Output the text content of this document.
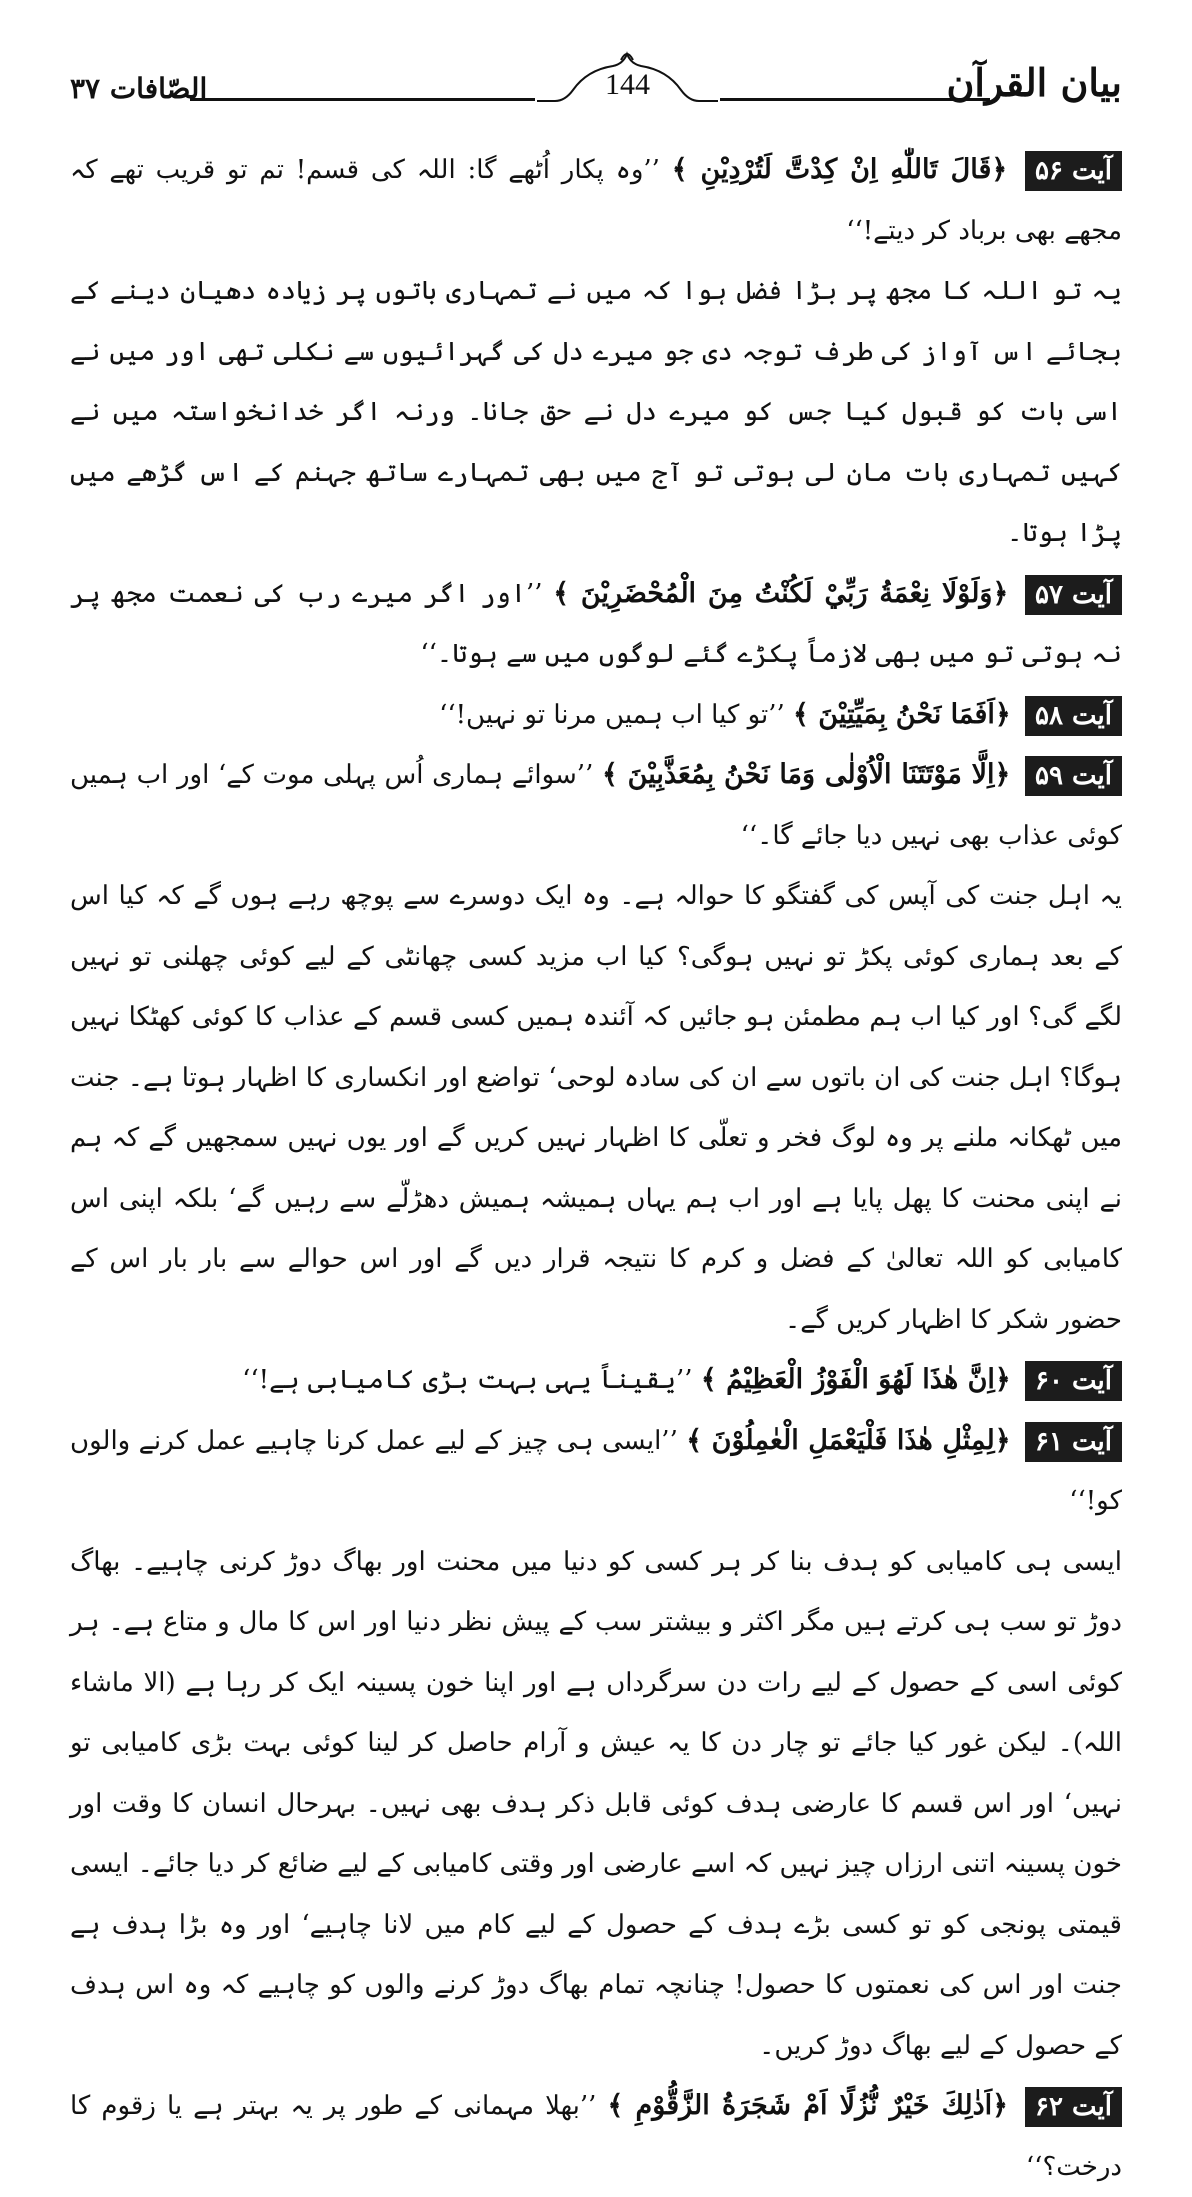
بیان القرآن
الصّافات ۳۷	144

آیت ۵۶ ﴿قَالَ تَاللّٰهِ اِنْ كِدْتَّ لَتُرْدِيْنِ ﴾ ’’وہ پکار اُٹھے گا: اللہ کی قسم! تم تو قریب تھے کہ مجھے بھی برباد کر دیتے!‘‘

یہ تو اللہ کا مجھ پر بڑا فضل ہوا کہ میں نے تمہاری باتوں پر زیادہ دھیان دینے کے بجائے اس آواز کی طرف توجہ دی جو میرے دل کی گہرائیوں سے نکلی تھی اور میں نے اسی بات کو قبول کیا جس کو میرے دل نے حق جانا۔ ورنہ اگر خدانخواستہ میں نے کہیں تمہاری بات مان لی ہوتی تو آج میں بھی تمہارے ساتھ جہنم کے اس گڑھے میں پڑا ہوتا۔

آیت ۵۷ ﴿وَلَوْلَا نِعْمَةُ رَبِّيْ لَكُنْتُ مِنَ الْمُحْضَرِيْنَ ﴾ ’’اور اگر میرے رب کی نعمت مجھ پر نہ ہوتی تو میں بھی لازماً پکڑے گئے لوگوں میں سے ہوتا۔‘‘

آیت ۵۸ ﴿اَفَمَا نَحْنُ بِمَيِّتِيْنَ ﴾ ’’تو کیا اب ہمیں مرنا تو نہیں!‘‘

آیت ۵۹ ﴿اِلَّا مَوْتَتَنَا الْاُوْلٰى وَمَا نَحْنُ بِمُعَذَّبِيْنَ ﴾ ’’سوائے ہماری اُس پہلی موت کے‘ اور اب ہمیں کوئی عذاب بھی نہیں دیا جائے گا۔‘‘

یہ اہل جنت کی آپس کی گفتگو کا حوالہ ہے۔ وہ ایک دوسرے سے پوچھ رہے ہوں گے کہ کیا اس کے بعد ہماری کوئی پکڑ تو نہیں ہوگی؟ کیا اب مزید کسی چھانٹی کے لیے کوئی چھلنی تو نہیں لگے گی؟ اور کیا اب ہم مطمئن ہو جائیں کہ آئندہ ہمیں کسی قسم کے عذاب کا کوئی کھٹکا نہیں ہوگا؟ اہل جنت کی ان باتوں سے ان کی سادہ لوحی‘ تواضع اور انکساری کا اظہار ہوتا ہے۔ جنت میں ٹھکانہ ملنے پر وہ لوگ فخر و تعلّی کا اظہار نہیں کریں گے اور یوں نہیں سمجھیں گے کہ ہم نے اپنی محنت کا پھل پایا ہے اور اب ہم یہاں ہمیشہ ہمیش دھڑلّے سے رہیں گے‘ بلکہ اپنی اس کامیابی کو اللہ تعالیٰ کے فضل و کرم کا نتیجہ قرار دیں گے اور اس حوالے سے بار بار اس کے حضور شکر کا اظہار کریں گے۔

آیت ۶۰ ﴿اِنَّ هٰذَا لَهُوَ الْفَوْزُ الْعَظِيْمُ ﴾ ’’یقیناً یہی بہت بڑی کامیابی ہے!‘‘

آیت ۶۱ ﴿لِمِثْلِ هٰذَا فَلْيَعْمَلِ الْعٰمِلُوْنَ ﴾ ’’ایسی ہی چیز کے لیے عمل کرنا چاہیے عمل کرنے والوں کو!‘‘

ایسی ہی کامیابی کو ہدف بنا کر ہر کسی کو دنیا میں محنت اور بھاگ دوڑ کرنی چاہیے۔ بھاگ دوڑ تو سب ہی کرتے ہیں مگر اکثر و بیشتر سب کے پیش نظر دنیا اور اس کا مال و متاع ہے۔ ہر کوئی اسی کے حصول کے لیے رات دن سرگرداں ہے اور اپنا خون پسینہ ایک کر رہا ہے (الا ماشاء اللہ)۔ لیکن غور کیا جائے تو چار دن کا یہ عیش و آرام حاصل کر لینا کوئی بہت بڑی کامیابی تو نہیں‘ اور اس قسم کا عارضی ہدف کوئی قابل ذکر ہدف بھی نہیں۔ بہرحال انسان کا وقت اور خون پسینہ اتنی ارزاں چیز نہیں کہ اسے عارضی اور وقتی کامیابی کے لیے ضائع کر دیا جائے۔ ایسی قیمتی پونجی کو تو کسی بڑے ہدف کے حصول کے لیے کام میں لانا چاہیے‘ اور وہ بڑا ہدف ہے جنت اور اس کی نعمتوں کا حصول! چنانچہ تمام بھاگ دوڑ کرنے والوں کو چاہیے کہ وہ اس ہدف کے حصول کے لیے بھاگ دوڑ کریں۔

آیت ۶۲ ﴿اَذٰلِكَ خَيْرٌ نُّزُلًا اَمْ شَجَرَةُ الزَّقُّوْمِ ﴾ ’’بھلا مہمانی کے طور پر یہ بہتر ہے یا زقوم کا درخت؟‘‘
